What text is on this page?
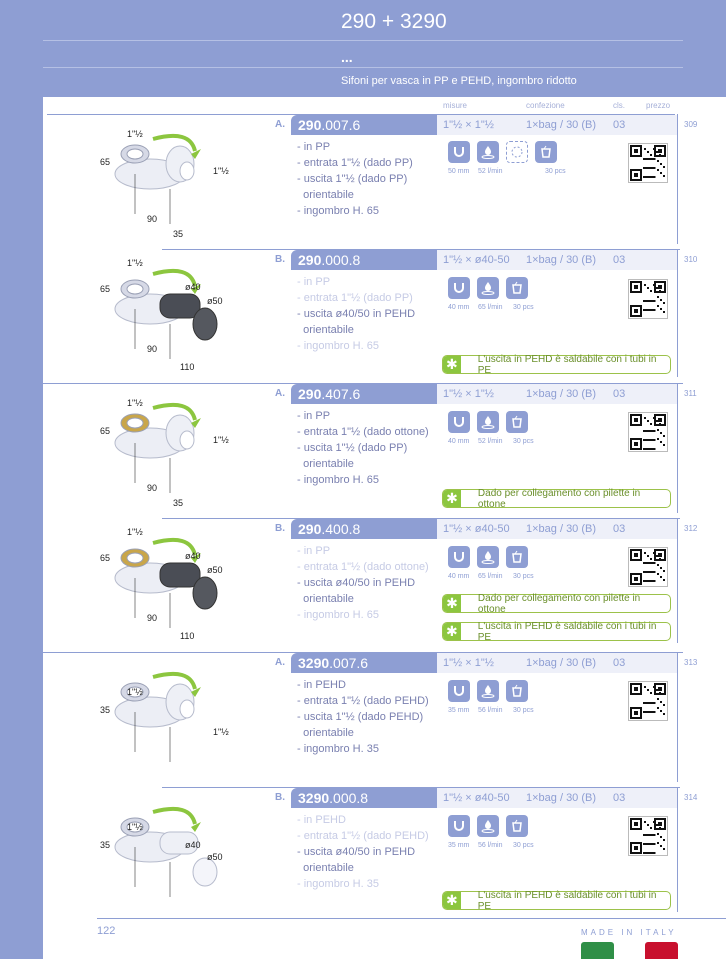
290 + 3290
...
Sifoni per vasca in PP e PEHD, ingombro ridotto
misure	confezione	cls.	prezzo
A. 290.007.6	1"½ × 1"½	1×bag / 30 (B) 03	309
- in PP
- entrata 1"½ (dado PP)
- uscita 1"½ (dado PP)
orientabile
- ingombro H. 65
50 mm 52 l/min	30 pcs
1"½
65
1"½
90
35
B. 290.000.8	1"½ × ø40-50 1×bag / 30 (B) 03	310
- in PP
- entrata 1"½ (dado PP)
- uscita ø40/50 in PEHD
orientabile
- ingombro H. 65
40 mm 65 l/min 30 pcs
✱	L'uscita in PEHD è saldabile con i tubi in PE
1"½
65	ø40
ø50
90
110
A. 290.407.6	1"½ × 1"½	1×bag / 30 (B) 03	311
- in PP
- entrata 1"½ (dado ottone)
- uscita 1"½ (dado PP)
orientabile
- ingombro H. 65
40 mm 52 l/min 30 pcs
✱	Dado per collegamento con pilette in ottone
1"½
65
1"½
90
35
B. 290.400.8	1"½ × ø40-50 1×bag / 30 (B) 03	312
- in PP
- entrata 1"½ (dado ottone)
- uscita ø40/50 in PEHD
orientabile
- ingombro H. 65
40 mm 65 l/min 30 pcs
✱	Dado per collegamento con pilette in ottone
✱	L'uscita in PEHD è saldabile con i tubi in PE
1"½
65	ø40
ø50
90
110
A. 3290.007.6	1"½ × 1"½	1×bag / 30 (B) 03	313
- in PEHD
- entrata 1"½ (dado PEHD)
- uscita 1"½ (dado PEHD)
orientabile
- ingombro H. 35
35 mm 56 l/min 30 pcs
1"½
35
1"½
B. 3290.000.8	1"½ × ø40-50 1×bag / 30 (B) 03	314
- in PEHD
- entrata 1"½ (dado PEHD)
- uscita ø40/50 in PEHD
orientabile
- ingombro H. 35
35 mm 56 l/min 30 pcs
✱	L'uscita in PEHD è saldabile con i tubi in PE
1"½
35	ø40
ø50
122	MADE IN ITALY
